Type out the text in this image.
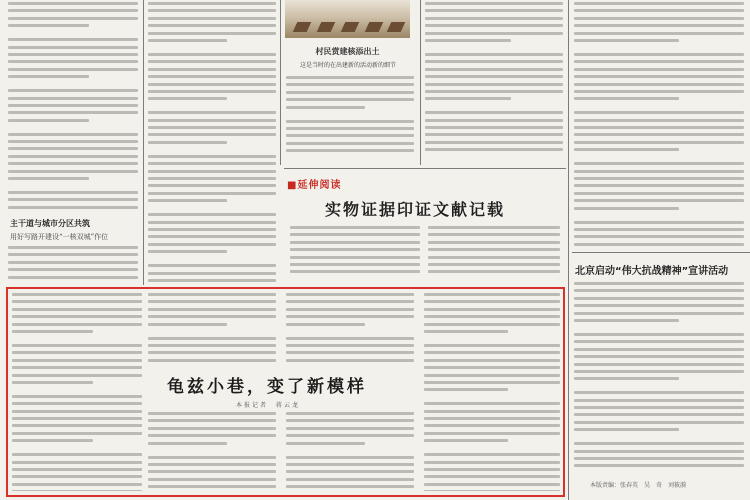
村民赏建核添出土
这是当时的在出建新的活动新的细节
主干道与城市分区共筑
用好写路开建设“一核双城”作位
■延伸阅读
实物证据印证文献记载
龟兹小巷，变了新模样
本报记者　蒋云龙
北京启动“伟大抗战精神”宣讲活动
本版责编：张春英　吴　奇　刘筱漪
